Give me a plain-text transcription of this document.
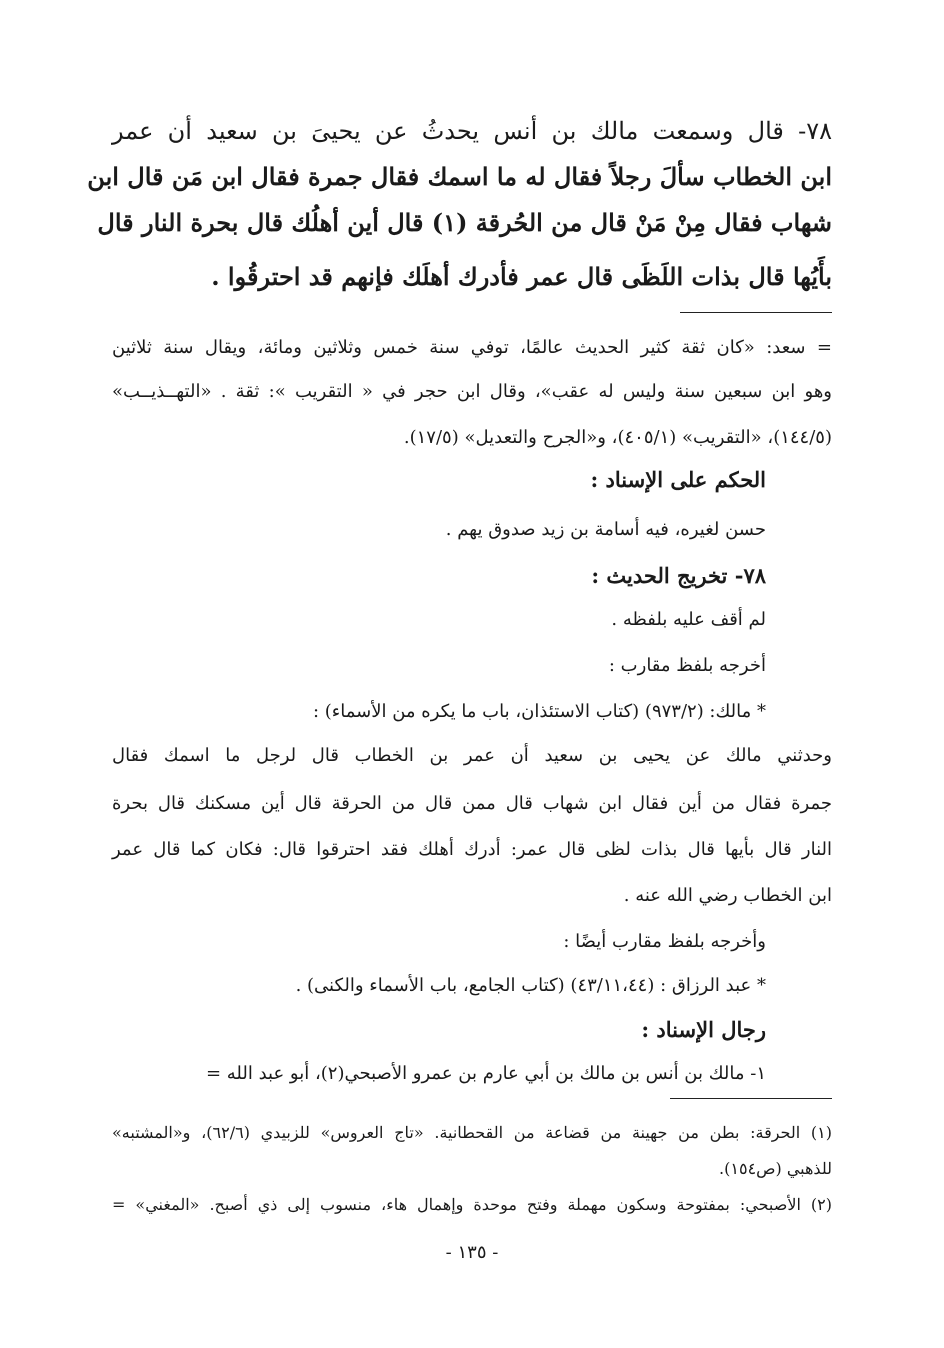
٧٨- قال وسمعت مالك بن أنس يحدثُ عن يحيىَ بن سعيد أن عمر
ابن الخطاب سألَ رجلاً فقال له ما اسمك فقال جمرة فقال ابن مَن قال ابن
شهاب فقال مِنْ مَنْ قال من الحُرقة (١) قال أين أهلُك قال بحرة النار قال
بأَيُها قال بذات اللَظَى قال عمر فأدرك أهلَك فإنهم قد احترقُوا .
= سعد: «كان ثقة كثير الحديث عالمًا، توفي سنة خمس وثلاثين ومائة، ويقال سنة ثلاثين
وهو ابن سبعين سنة وليس له عقب»، وقال ابن حجر في « التقريب »: ثقة . «التهــذيــب»
(١٤٤/٥)، «التقريب» (٤٠٥/١)، و«الجرح والتعديل» (١٧/٥).
الحكم على الإسناد :
حسن لغيره، فيه أسامة بن زيد صدوق يهم .
٧٨- تخريج الحديث :
لم أقف عليه بلفظه .
أخرجه بلفظ مقارب :
* مالك: (٩٧٣/٢) (كتاب الاستئذان، باب ما يكره من الأسماء) :
وحدثني مالك عن يحيى بن سعيد أن عمر بن الخطاب قال لرجل ما اسمك فقال
جمرة فقال من أين فقال ابن شهاب قال ممن قال من الحرقة قال أين مسكنك قال بحرة
النار قال بأيها قال بذات لظى قال عمر: أدرك أهلك فقد احترقوا قال: فكان كما قال عمر
ابن الخطاب رضي الله عنه .
وأخرجه بلفظ مقارب أيضًا :
* عبد الرزاق : (٤٣/١١،٤٤) (كتاب الجامع، باب الأسماء والكنى) .
رجال الإسناد :
١- مالك بن أنس بن مالك بن أبي عارم بن عمرو الأصبحي(٢)، أبو عبد الله =
(١) الحرقة: بطن من جهينة من قضاعة من القحطانية. «تاج العروس» للزبيدي (٦٢/٦)، و«المشتبه»
للذهبي (ص١٥٤).
(٢) الأصبحي: بمفتوحة وسكون مهملة وفتح موحدة وإهمال هاء، منسوب إلى ذي أصبح. «المغني» =
- ١٣٥ -
